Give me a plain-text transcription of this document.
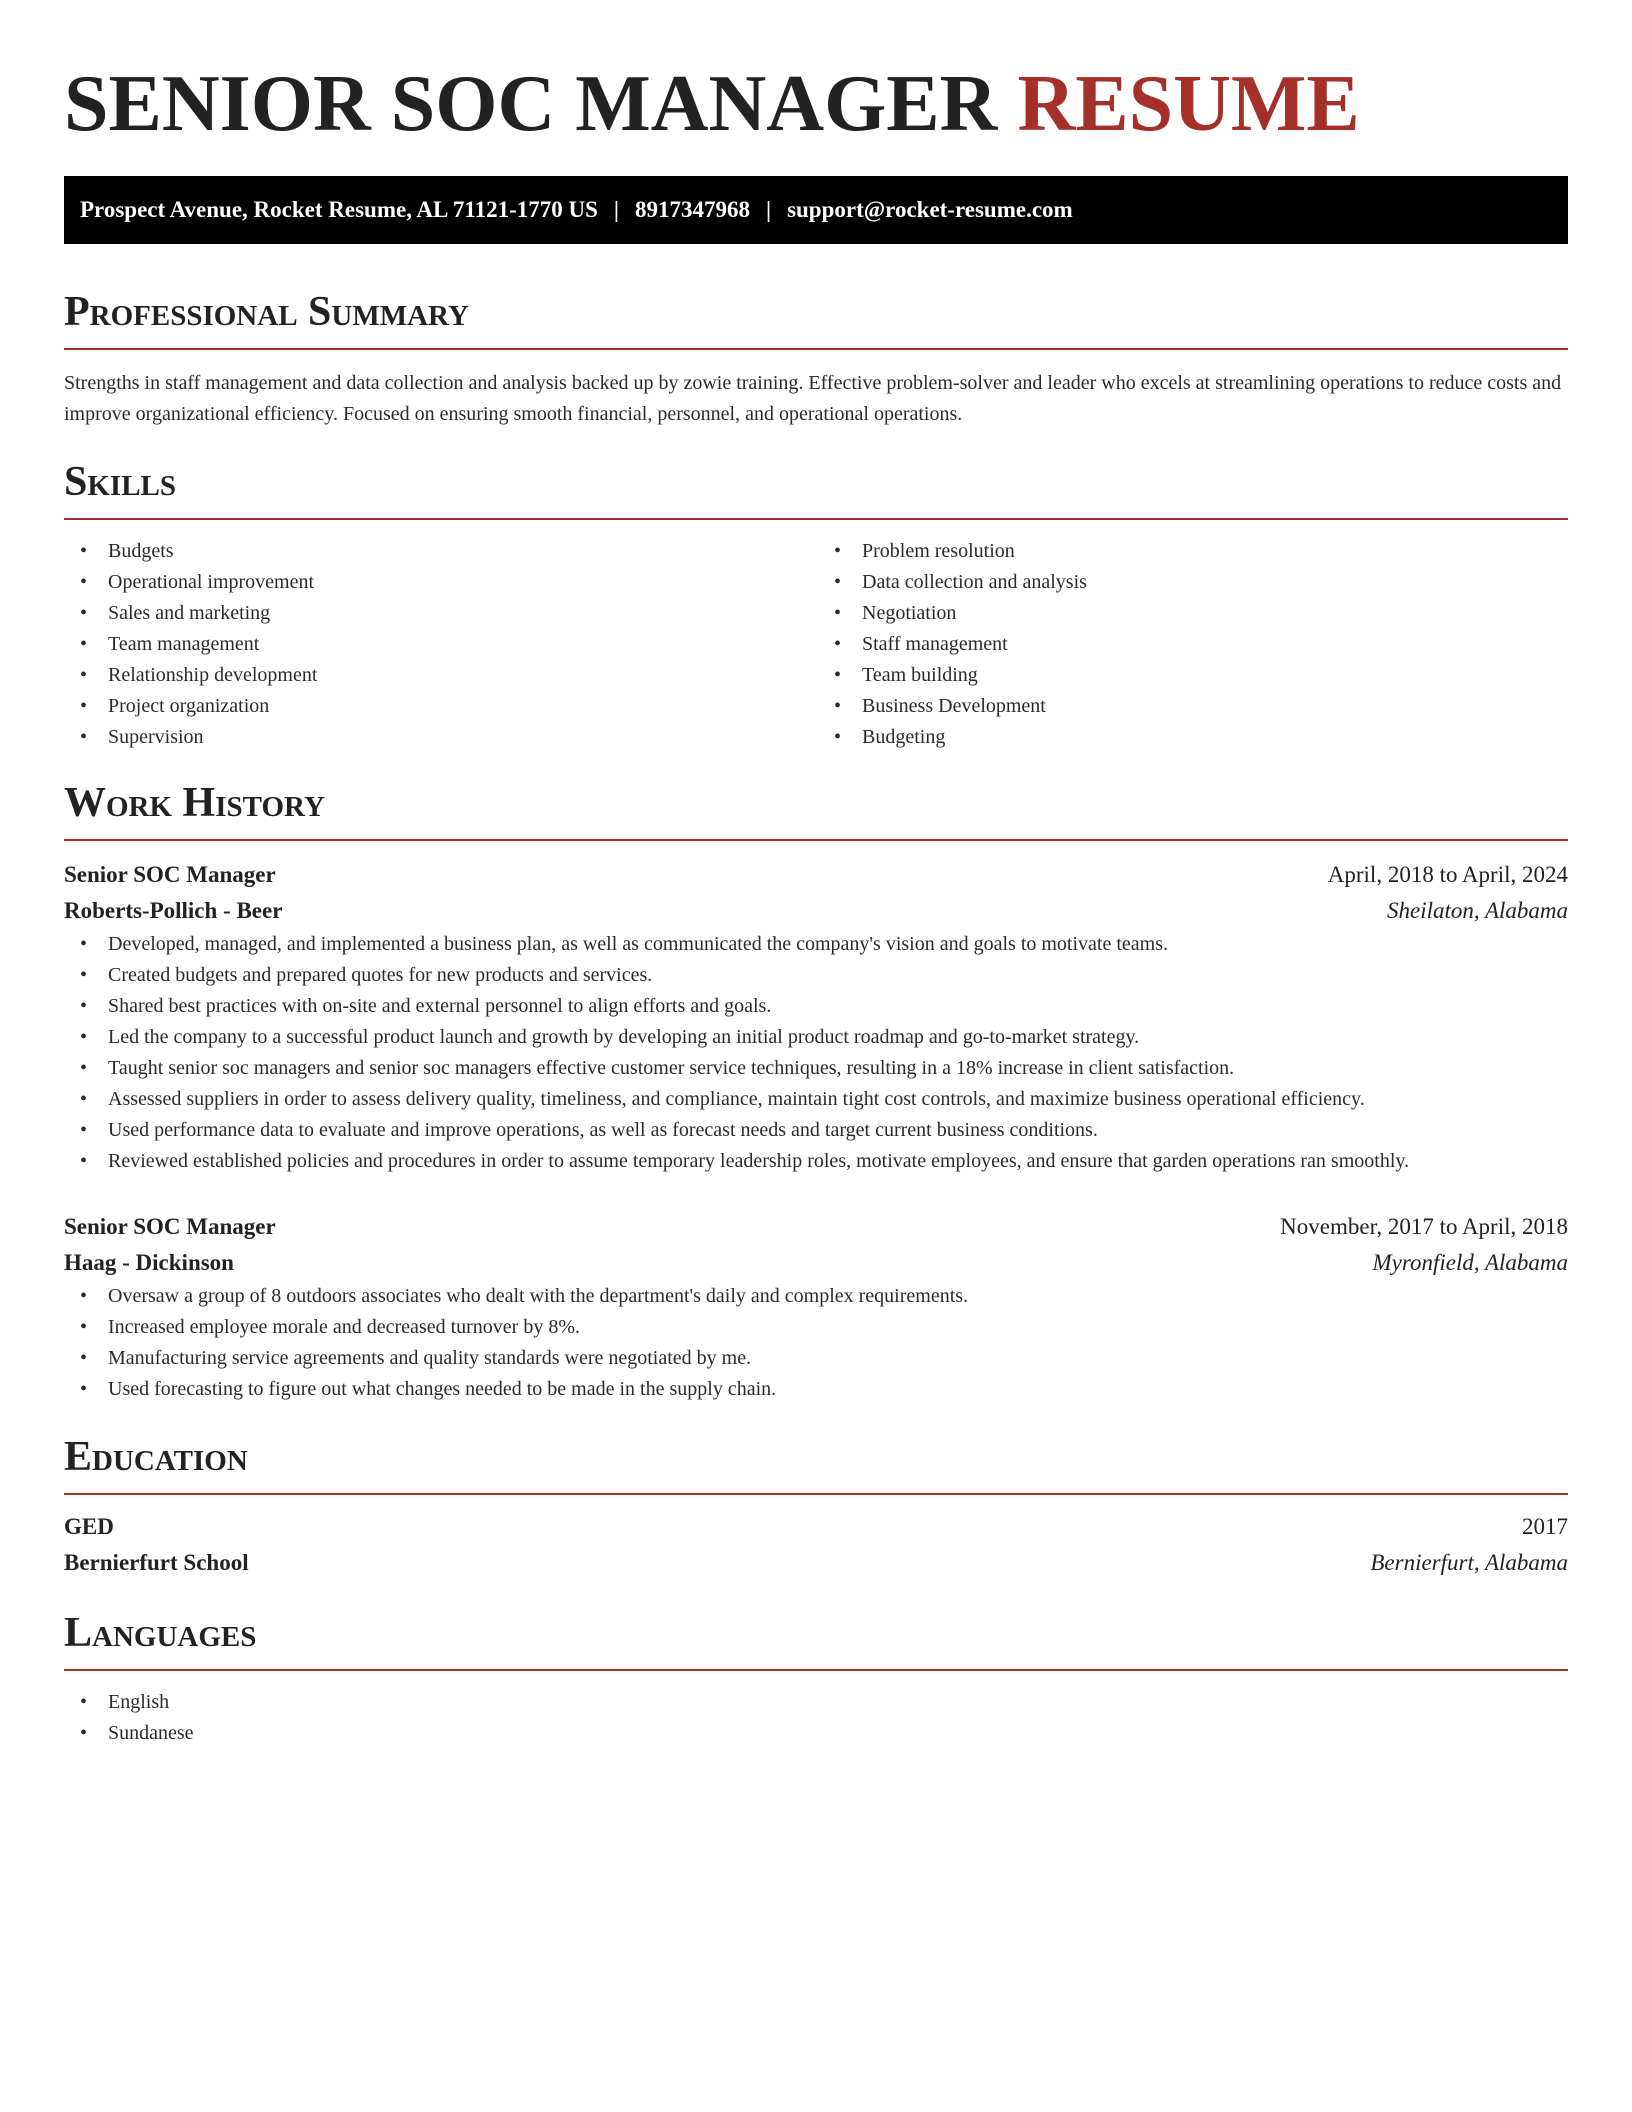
SENIOR SOC MANAGER RESUME
Prospect Avenue, Rocket Resume, AL 71121-1770 US | 8917347968 | support@rocket-resume.com
Professional Summary

Strengths in staff management and data collection and analysis backed up by zowie training. Effective problem-solver and leader who excels at streamlining operations to reduce costs and improve organizational efficiency. Focused on ensuring smooth financial, personnel, and operational operations.

Skills
• Budgets
• Operational improvement
• Sales and marketing
• Team management
• Relationship development
• Project organization
• Supervision
• Problem resolution
• Data collection and analysis
• Negotiation
• Staff management
• Team building
• Business Development
• Budgeting
Work History
Senior SOC Manager	April, 2018 to April, 2024
Roberts-Pollich - Beer	Sheilaton, Alabama
• Developed, managed, and implemented a business plan, as well as communicated the company's vision and goals to motivate teams.
• Created budgets and prepared quotes for new products and services.
• Shared best practices with on-site and external personnel to align efforts and goals.
• Led the company to a successful product launch and growth by developing an initial product roadmap and go-to-market strategy.
• Taught senior soc managers and senior soc managers effective customer service techniques, resulting in a 18% increase in client satisfaction.
• Assessed suppliers in order to assess delivery quality, timeliness, and compliance, maintain tight cost controls, and maximize business operational efficiency.
• Used performance data to evaluate and improve operations, as well as forecast needs and target current business conditions.
• Reviewed established policies and procedures in order to assume temporary leadership roles, motivate employees, and ensure that garden operations ran smoothly.
Senior SOC Manager	November, 2017 to April, 2018
Haag - Dickinson	Myronfield, Alabama
• Oversaw a group of 8 outdoors associates who dealt with the department's daily and complex requirements.
• Increased employee morale and decreased turnover by 8%.
• Manufacturing service agreements and quality standards were negotiated by me.
• Used forecasting to figure out what changes needed to be made in the supply chain.
Education
GED	2017
Bernierfurt School	Bernierfurt, Alabama
Languages
• English
• Sundanese
